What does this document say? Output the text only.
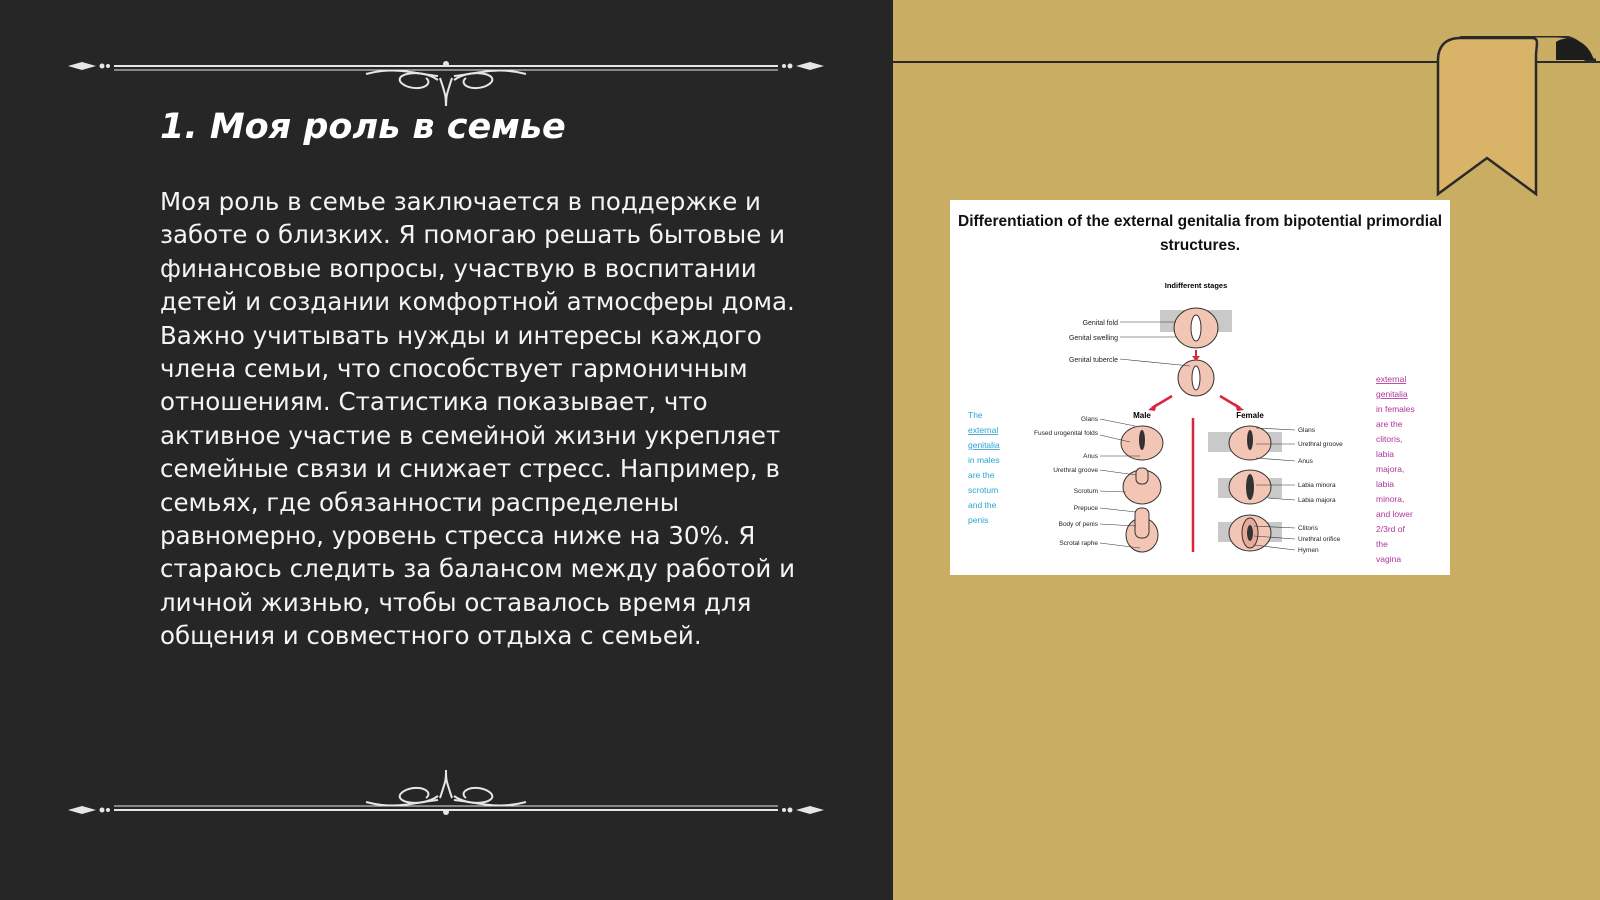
1. Моя роль в семье

Моя роль в семье заключается в поддержке и заботе о близких. Я помогаю решать бытовые и финансовые вопросы, участвую в воспитании детей и создании комфортной атмосферы дома. Важно учитывать нужды и интересы каждого члена семьи, что способствует гармоничным отношениям. Статистика показывает, что активное участие в семейной жизни укрепляет семейные связи и снижает стресс. Например, в семьях, где обязанности распределены равномерно, уровень стресса ниже на 30%. Я стараюсь следить за балансом между работой и личной жизнью, чтобы оставалось время для общения и совместного отдыха с семьей.

Differentiation of the external genitalia from bipotential primordial structures.

Indifferent stages
Genital fold
Genital swelling
Genital tubercle
Male	Female
Glans
Fused urogenital folds
Anus
Urethral groove
Scrotum
Prepuce
Body of penis
Scrotal raphe
Glans
Urethral groove
Anus
Labia minora
Labia majora
Clitoris
Urethral orifice
Hymen
The
external
genitalia
in males
are the
scrotum
and the
penis
external
genitalia
in females
are the
clitoris,
labia
majora,
labia
minora,
and lower
2/3rd of
the
vagina
